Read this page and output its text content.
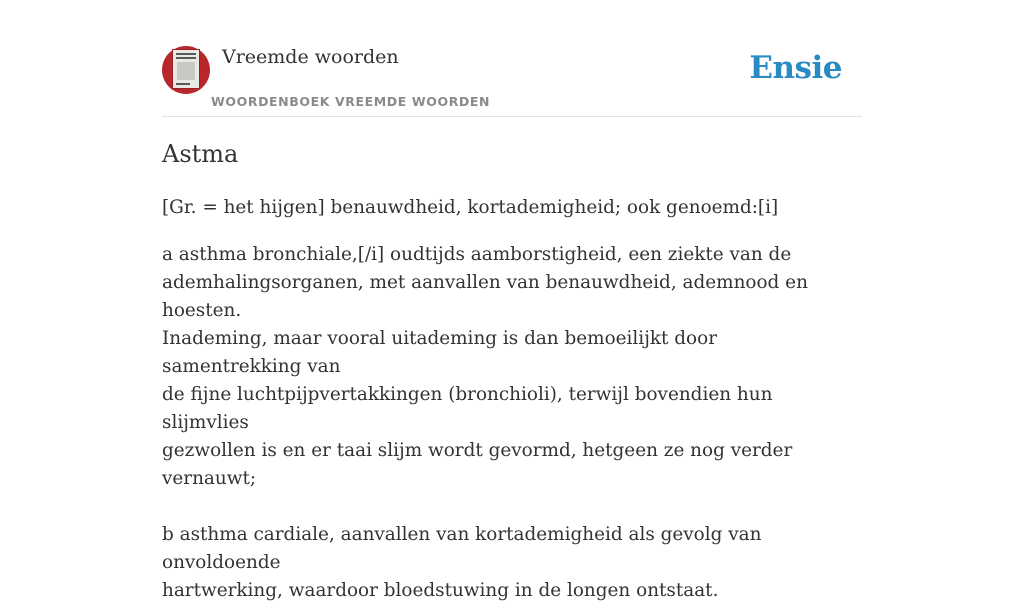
Vreemde woorden
WOORDENBOEK VREEMDE WOORDEN
Ensie
Astma

[Gr. = het hijgen] benauwdheid, kortademigheid; ook genoemd:[i]

a asthma bronchiale,[/i] oudtijds aamborstigheid, een ziekte van de
ademhalingsorganen, met aanvallen van benauwdheid, ademnood en hoesten.
Inademing, maar vooral uitademing is dan bemoeilijkt door samentrekking van
de fijne luchtpijpvertakkingen (bronchioli), terwijl bovendien hun slijmvlies
gezwollen is en er taai slijm wordt gevormd, hetgeen ze nog verder vernauwt;

b asthma cardiale, aanvallen van kortademigheid als gevolg van onvoldoende
hartwerking, waardoor bloedstuwing in de longen ontstaat.
